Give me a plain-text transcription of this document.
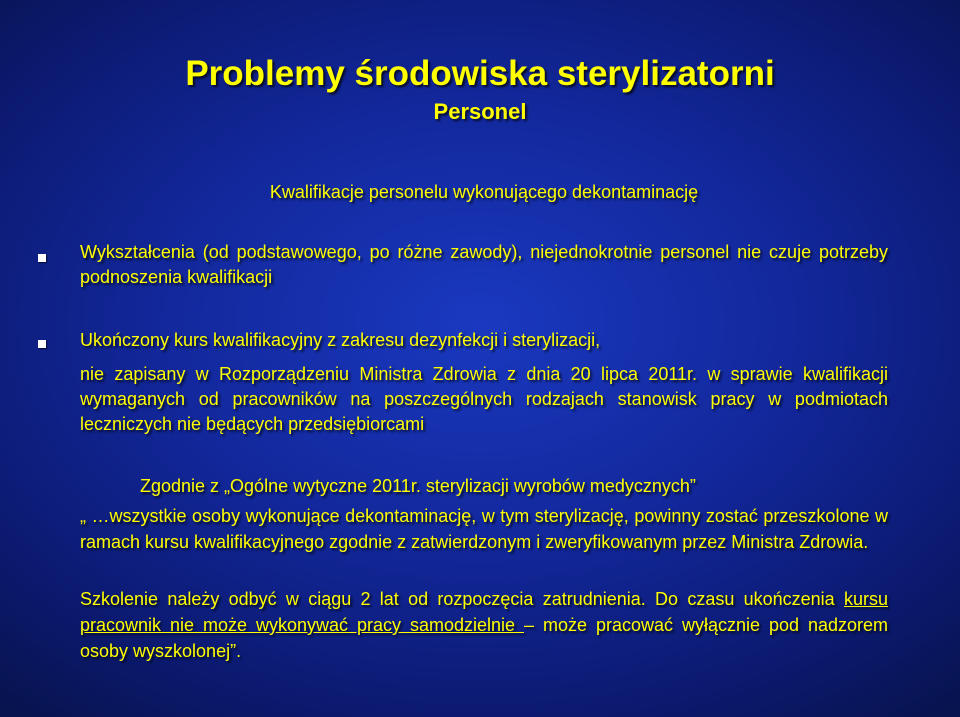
Problemy środowiska sterylizatorni
Personel
Kwalifikacje personelu wykonującego dekontaminację
Wykształcenia (od podstawowego, po różne zawody), niejednokrotnie personel nie czuje potrzeby podnoszenia kwalifikacji
Ukończony kurs kwalifikacyjny z zakresu dezynfekcji i sterylizacji,
nie zapisany w Rozporządzeniu Ministra Zdrowia z dnia 20 lipca 2011r. w sprawie kwalifikacji wymaganych od pracowników na poszczególnych rodzajach stanowisk pracy w podmiotach leczniczych nie będących przedsiębiorcami
Zgodnie z „Ogólne wytyczne 2011r. sterylizacji wyrobów medycznych”
„ …wszystkie osoby wykonujące dekontaminację, w tym sterylizację, powinny zostać przeszkolone w ramach kursu kwalifikacyjnego zgodnie z zatwierdzonym i zweryfikowanym przez Ministra Zdrowia.
Szkolenie należy odbyć w ciągu 2 lat od rozpoczęcia zatrudnienia. Do czasu ukończenia kursu pracownik nie może wykonywać pracy samodzielnie – może pracować wyłącznie pod nadzorem osoby wyszkolonej”.
